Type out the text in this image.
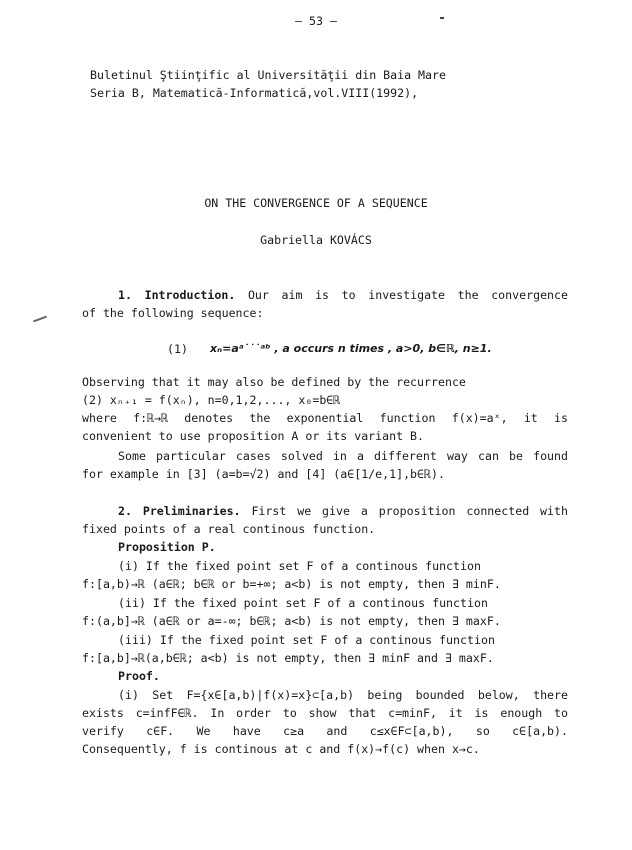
— 53 —
Buletinul Ştiinţific al Universităţii din Baia Mare
Seria B, Matematică-Informatică,vol.VIII(1992),
ON THE CONVERGENCE OF A SEQUENCE
Gabriella KOVÁCS
1. Introduction. Our aim is to investigate the convergence
of the following sequence:
(1) xₙ=aᵃ˙˙˙ᵃᵇ , a occurs n times , a>0, b∈ℝ, n≥1.
Observing that it may also be defined by the recurrence
(2) xₙ₊₁ = f(xₙ), n=0,1,2,..., x₀=b∈ℝ
where f:ℝ→ℝ denotes the exponential function f(x)=aˣ, it is
convenient to use proposition A or its variant B.
Some particular cases solved in a different way can be found
for example in [3] (a=b=√2) and [4] (a∈[1/e,1],b∈ℝ).
2. Preliminaries. First we give a proposition connected with
fixed points of a real continous function.
Proposition P.
(i) If the fixed point set F of a continous function
f:[a,b)→ℝ (a∈ℝ; b∈ℝ or b=+∞; a<b) is not empty, then ∃ minF.
(ii) If the fixed point set F of a continous function
f:(a,b]→ℝ (a∈ℝ or a=-∞; b∈ℝ; a<b) is not empty, then ∃ maxF.
(iii) If the fixed point set F of a continous function
f:[a,b]→ℝ(a,b∈ℝ; a<b) is not empty, then ∃ minF and ∃ maxF.
Proof.
(i) Set F={x∈[a,b)|f(x)=x}⊂[a,b) being bounded below, there
exists c=infF∈ℝ. In order to show that c=minF, it is enough to
verify c∈F. We have c≥a and c≤x∈F⊂[a,b), so c∈[a,b).
Consequently, f is continous at c and f(x)→f(c) when x→c.
